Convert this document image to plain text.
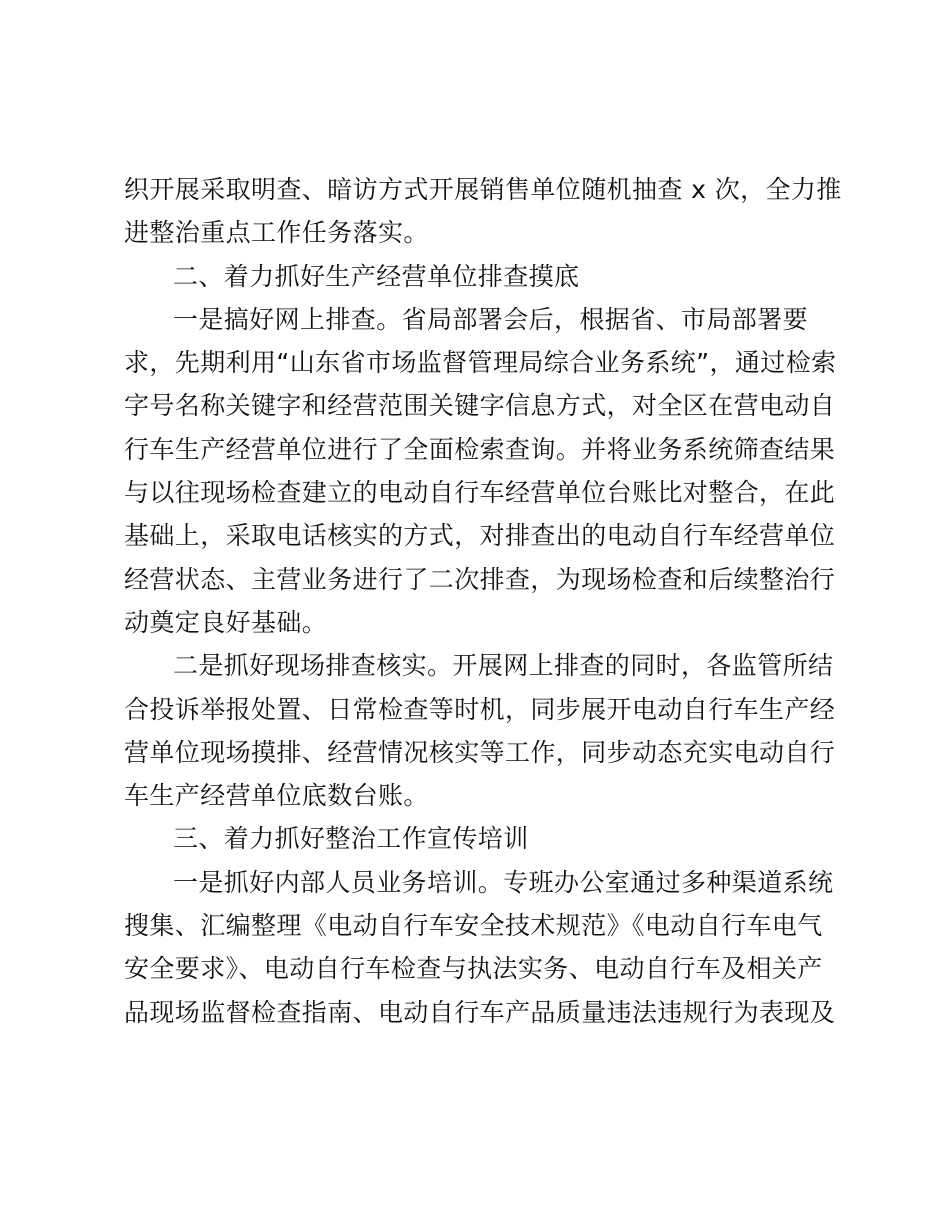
织开展采取明查、暗访方式开展销售单位随机抽查 x 次，全力推
进整治重点工作任务落实。
二、着力抓好生产经营单位排查摸底
一是搞好网上排查。省局部署会后，根据省、市局部署要
求，先期利用“山东省市场监督管理局综合业务系统”，通过检索
字号名称关键字和经营范围关键字信息方式，对全区在营电动自
行车生产经营单位进行了全面检索查询。并将业务系统筛查结果
与以往现场检查建立的电动自行车经营单位台账比对整合，在此
基础上，采取电话核实的方式，对排查出的电动自行车经营单位
经营状态、主营业务进行了二次排查，为现场检查和后续整治行
动奠定良好基础。
二是抓好现场排查核实。开展网上排查的同时，各监管所结
合投诉举报处置、日常检查等时机，同步展开电动自行车生产经
营单位现场摸排、经营情况核实等工作，同步动态充实电动自行
车生产经营单位底数台账。
三、着力抓好整治工作宣传培训
一是抓好内部人员业务培训。专班办公室通过多种渠道系统
搜集、汇编整理《电动自行车安全技术规范》《电动自行车电气
安全要求》、电动自行车检查与执法实务、电动自行车及相关产
品现场监督检查指南、电动自行车产品质量违法违规行为表现及
